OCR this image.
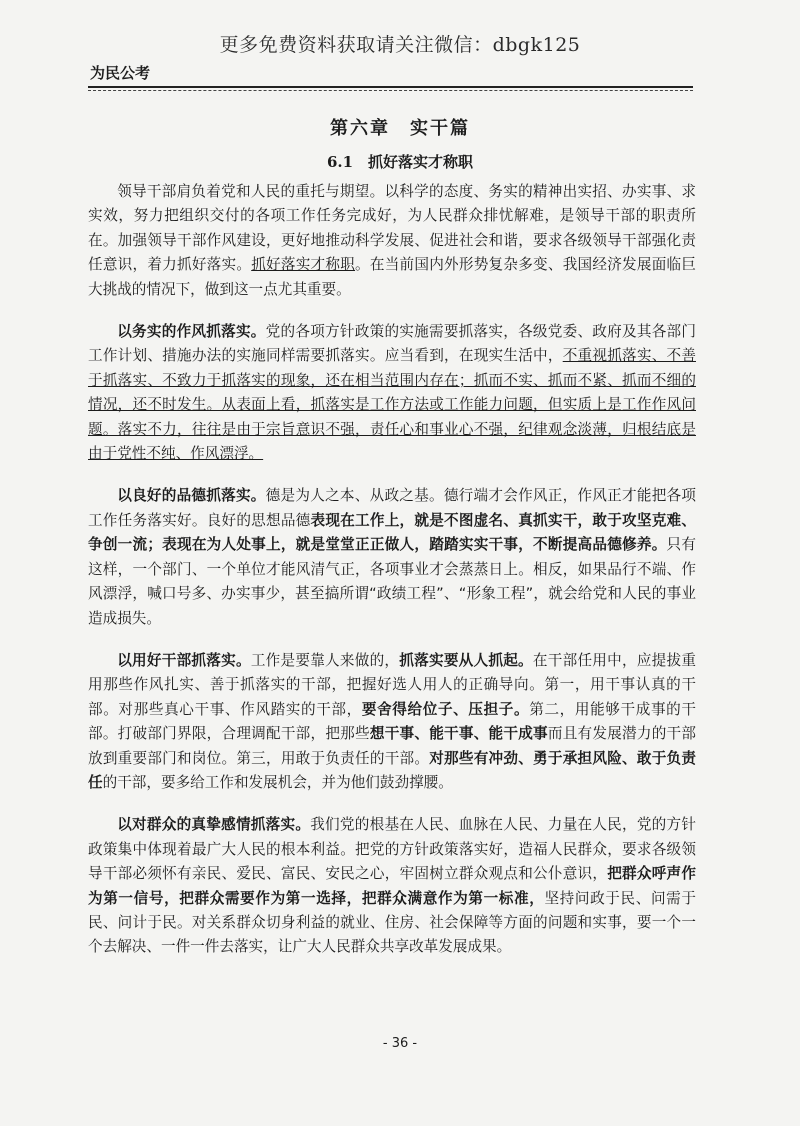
更多免费资料获取请关注微信：dbgk125
为民公考
第六章　实干篇
6.1　抓好落实才称职

领导干部肩负着党和人民的重托与期望。以科学的态度、务实的精神出实招、办实事、求实效，努力把组织交付的各项工作任务完成好，为人民群众排忧解难，是领导干部的职责所在。加强领导干部作风建设，更好地推动科学发展、促进社会和谐，要求各级领导干部强化责任意识，着力抓好落实。抓好落实才称职。在当前国内外形势复杂多变、我国经济发展面临巨大挑战的情况下，做到这一点尤其重要。

以务实的作风抓落实。党的各项方针政策的实施需要抓落实，各级党委、政府及其各部门工作计划、措施办法的实施同样需要抓落实。应当看到，在现实生活中，不重视抓落实、不善于抓落实、不致力于抓落实的现象，还在相当范围内存在；抓而不实、抓而不紧、抓而不细的情况，还不时发生。从表面上看，抓落实是工作方法或工作能力问题，但实质上是工作作风问题。落实不力，往往是由于宗旨意识不强，责任心和事业心不强，纪律观念淡薄，归根结底是由于党性不纯、作风漂浮。

以良好的品德抓落实。德是为人之本、从政之基。德行端才会作风正，作风正才能把各项工作任务落实好。良好的思想品德表现在工作上，就是不图虚名、真抓实干，敢于攻坚克难、争创一流；表现在为人处事上，就是堂堂正正做人，踏踏实实干事，不断提高品德修养。只有这样，一个部门、一个单位才能风清气正，各项事业才会蒸蒸日上。相反，如果品行不端、作风漂浮，喊口号多、办实事少，甚至搞所谓“政绩工程”、“形象工程”，就会给党和人民的事业造成损失。

以用好干部抓落实。工作是要靠人来做的，抓落实要从人抓起。在干部任用中，应提拔重用那些作风扎实、善于抓落实的干部，把握好选人用人的正确导向。第一，用干事认真的干部。对那些真心干事、作风踏实的干部，要舍得给位子、压担子。第二，用能够干成事的干部。打破部门界限，合理调配干部，把那些想干事、能干事、能干成事而且有发展潜力的干部放到重要部门和岗位。第三，用敢于负责任的干部。对那些有冲劲、勇于承担风险、敢于负责任的干部，要多给工作和发展机会，并为他们鼓劲撑腰。

以对群众的真挚感情抓落实。我们党的根基在人民、血脉在人民、力量在人民，党的方针政策集中体现着最广大人民的根本利益。把党的方针政策落实好，造福人民群众，要求各级领导干部必须怀有亲民、爱民、富民、安民之心，牢固树立群众观点和公仆意识，把群众呼声作为第一信号，把群众需要作为第一选择，把群众满意作为第一标准，坚持问政于民、问需于民、问计于民。对关系群众切身利益的就业、住房、社会保障等方面的问题和实事，要一个一个去解决、一件一件去落实，让广大人民群众共享改革发展成果。

- 36 -
